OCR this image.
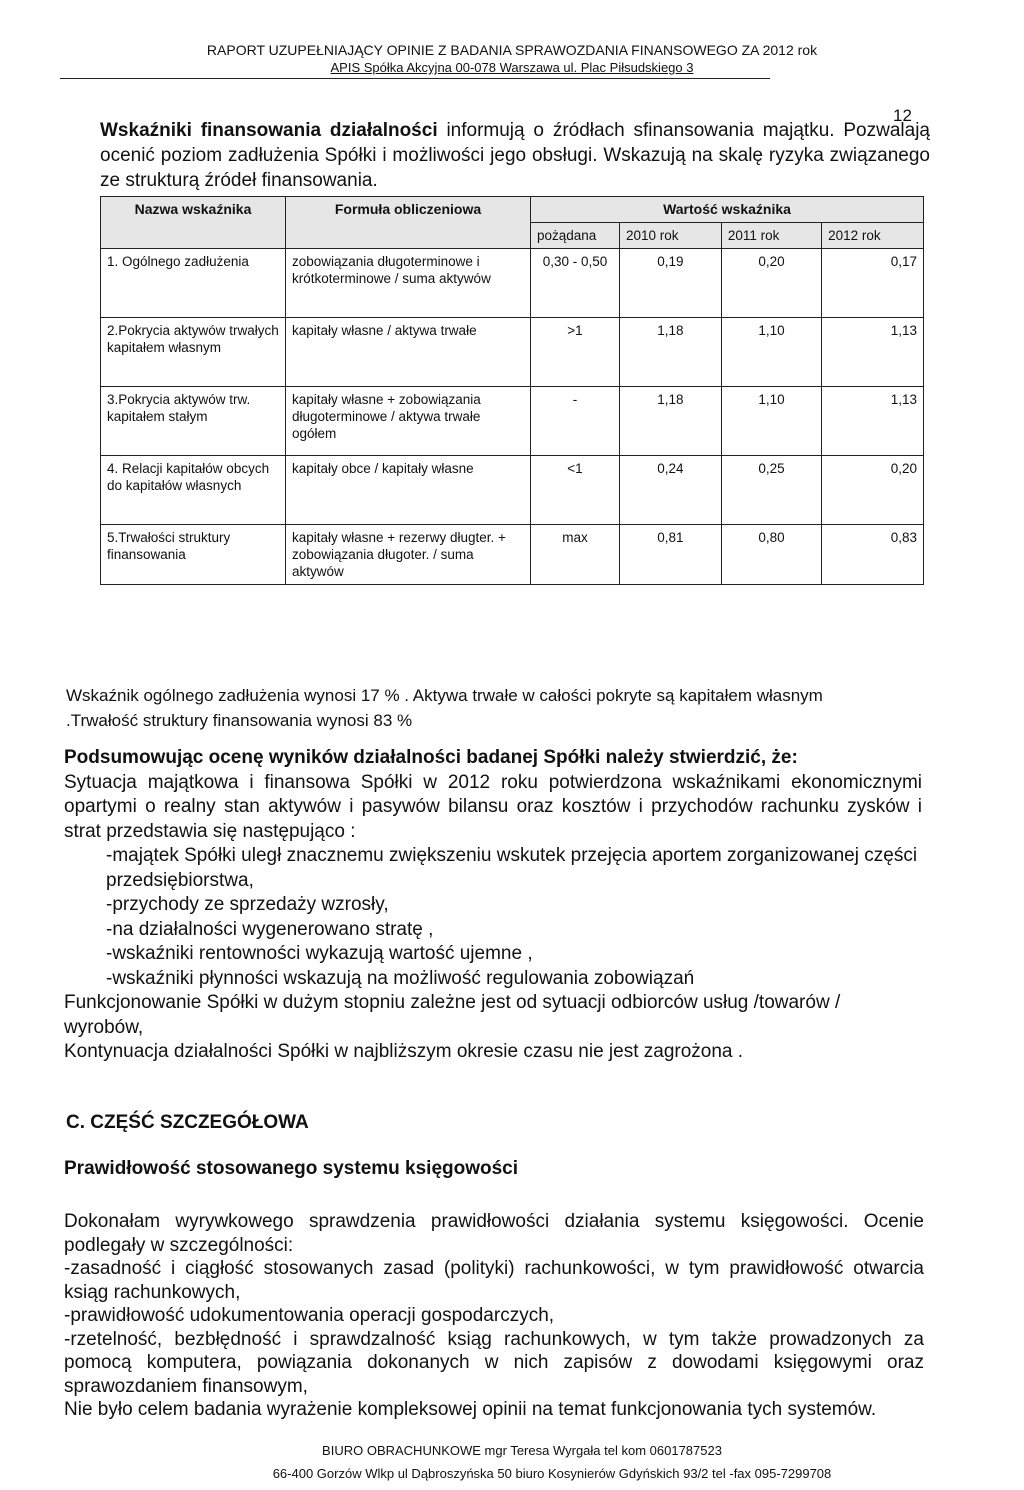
RAPORT UZUPEŁNIAJĄCY OPINIE Z BADANIA SPRAWOZDANIA FINANSOWEGO ZA 2012 rok
APIS Spółka Akcyjna 00-078 Warszawa ul. Plac Piłsudskiego 3
12
Wskaźniki finansowania działalności informują o źródłach sfinansowania majątku. Pozwalają ocenić poziom zadłużenia Spółki i możliwości jego obsługi. Wskazują na skalę ryzyka związanego ze strukturą źródeł finansowania.
Nazwa wskaźnika	Formuła obliczeniowa	Wartość wskaźnika			
		pożądana	2010 rok	2011 rok	2012 rok
1. Ogólnego zadłużenia	zobowiązania długoterminowe i krótkoterminowe / suma aktywów	0,30 - 0,50	0,19	0,20	0,17
2.Pokrycia aktywów trwałych kapitałem własnym	kapitały własne / aktywa trwałe	>1	1,18	1,10	1,13
3.Pokrycia aktywów trw. kapitałem stałym	kapitały własne + zobowiązania długoterminowe / aktywa trwałe ogółem	-	1,18	1,10	1,13
4. Relacji kapitałów obcych do kapitałów własnych	kapitały obce / kapitały własne	<1	0,24	0,25	0,20
5.Trwałości struktury finansowania	kapitały własne + rezerwy długter. + zobowiązania długoter. / suma aktywów	max	0,81	0,80	0,83
Wskaźnik ogólnego zadłużenia wynosi 17 % . Aktywa trwałe w całości pokryte są kapitałem własnym
.Trwałość struktury finansowania wynosi 83 %
Podsumowując ocenę wyników działalności badanej Spółki należy stwierdzić, że:
Sytuacja majątkowa i finansowa Spółki w 2012 roku potwierdzona wskaźnikami ekonomicznymi opartymi o realny stan aktywów i pasywów bilansu oraz kosztów i przychodów rachunku zysków i strat przedstawia się następująco :
-majątek Spółki uległ znacznemu zwiększeniu wskutek przejęcia aportem zorganizowanej części przedsiębiorstwa,
-przychody ze sprzedaży wzrosły,
-na działalności wygenerowano stratę ,
-wskaźniki rentowności wykazują wartość ujemne ,
-wskaźniki płynności wskazują na możliwość regulowania zobowiązań
Funkcjonowanie Spółki w dużym stopniu zależne jest od sytuacji odbiorców usług /towarów / wyrobów,
Kontynuacja działalności Spółki w najbliższym okresie czasu nie jest zagrożona .
C. CZĘŚĆ SZCZEGÓŁOWA
Prawidłowość stosowanego systemu księgowości
Dokonałam wyrywkowego sprawdzenia prawidłowości działania systemu księgowości. Ocenie podlegały w szczególności:
-zasadność i ciągłość stosowanych zasad (polityki) rachunkowości, w tym prawidłowość otwarcia ksiąg rachunkowych,
-prawidłowość udokumentowania operacji gospodarczych,
-rzetelność, bezbłędność i sprawdzalność ksiąg rachunkowych, w tym także prowadzonych za pomocą komputera, powiązania dokonanych w nich zapisów z dowodami księgowymi oraz sprawozdaniem finansowym,
Nie było celem badania wyrażenie kompleksowej opinii na temat funkcjonowania tych systemów.
BIURO OBRACHUNKOWE mgr Teresa Wyrgała tel kom 0601787523
66-400 Gorzów Wlkp ul Dąbroszyńska 50 biuro Kosynierów Gdyńskich 93/2 tel -fax 095-7299708
